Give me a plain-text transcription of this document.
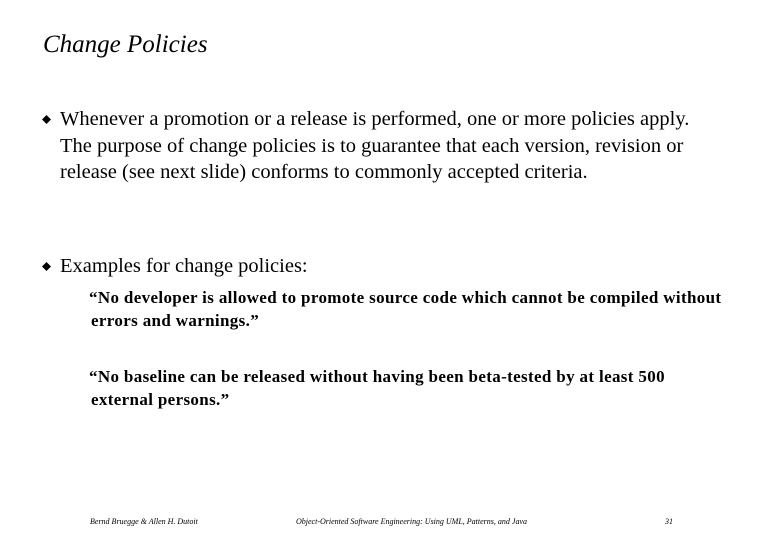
Change Policies
Whenever a promotion or a release is performed, one or more policies apply. The purpose of change policies is to guarantee that each version, revision or release (see next slide) conforms to commonly accepted criteria.
Examples for change policies:
“No developer is allowed to promote source code which cannot be compiled without errors and warnings.”
“No baseline can be released without having been beta-tested by at least 500 external persons.”
Bernd Bruegge & Allen H. Dutoit	Object-Oriented Software Engineering: Using UML, Patterns, and Java	31
